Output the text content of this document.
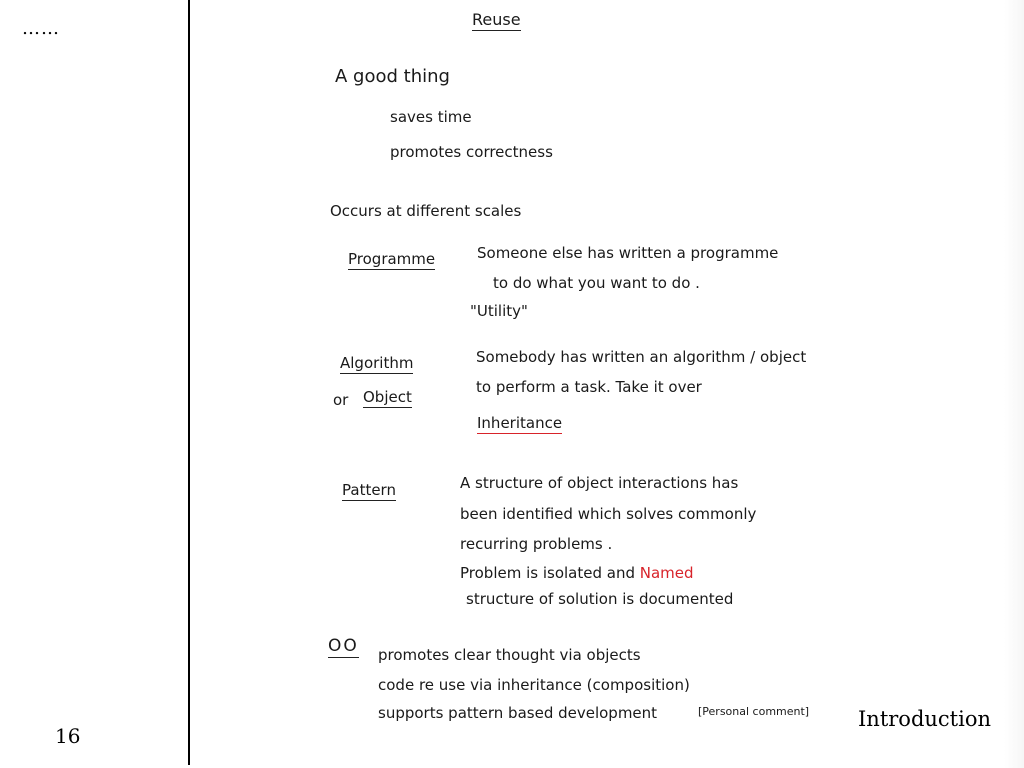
……
16
Introduction
Reuse
A good thing
saves time
promotes correctness
Occurs at different scales
Programme	Someone else has written a programme
to do what you want to do .
"Utility"
Algorithm
or Object
Somebody has written an algorithm / object
to perform a task. Take it over
Inheritance
Pattern	A structure of object interactions has
been identified which solves commonly
recurring problems .
Problem is isolated and Named
structure of solution is documented
OO promotes clear thought via objects
code re use via inheritance (composition)
supports pattern based development	[Personal comment]
